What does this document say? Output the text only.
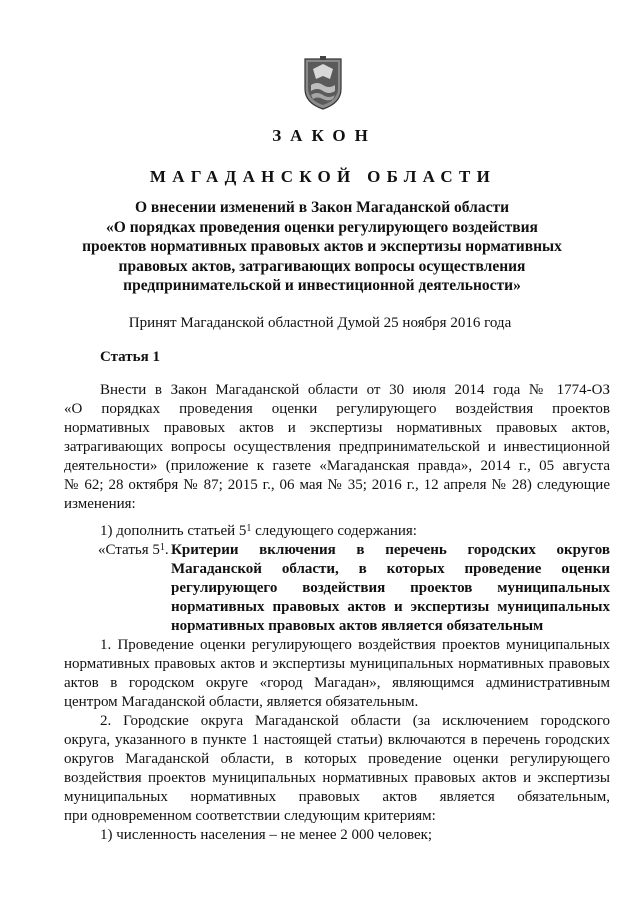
ЗАКОН
МАГАДАНСКОЙ ОБЛАСТИ
О внесении изменений в Закон Магаданской области
«О порядках проведения оценки регулирующего воздействия
проектов нормативных правовых актов и экспертизы нормативных
правовых актов, затрагивающих вопросы осуществления
предпринимательской и инвестиционной деятельности»
Принят Магаданской областной Думой 25 ноября 2016 года
Статья 1
Внести в Закон Магаданской области от 30 июля 2014 года № 1774-ОЗ
«О порядках проведения оценки регулирующего воздействия проектов
нормативных правовых актов и экспертизы нормативных правовых актов,
затрагивающих вопросы осуществления предпринимательской и инвестиционной
деятельности» (приложение к газете «Магаданская правда», 2014 г., 05 августа
№ 62; 28 октября № 87; 2015 г., 06 мая № 35; 2016 г., 12 апреля № 28) следующие
изменения:
1) дополнить статьей $5^1$ следующего содержания:
«Статья $5^1$. Критерии включения в перечень городских округов
Магаданской области, в которых проведение оценки
регулирующего воздействия проектов муниципальных
нормативных правовых актов и экспертизы муниципальных
нормативных правовых актов является обязательным
1. Проведение оценки регулирующего воздействия проектов муниципальных
нормативных правовых актов и экспертизы муниципальных нормативных правовых
актов в городском округе «город Магадан», являющимся административным
центром Магаданской области, является обязательным.
2. Городские округа Магаданской области (за исключением городского
округа, указанного в пункте 1 настоящей статьи) включаются в перечень городских
округов Магаданской области, в которых проведение оценки регулирующего
воздействия проектов муниципальных нормативных правовых актов и экспертизы
муниципальных нормативных правовых актов является обязательным,
при одновременном соответствии следующим критериям:
1) численность населения – не менее 2 000 человек;
